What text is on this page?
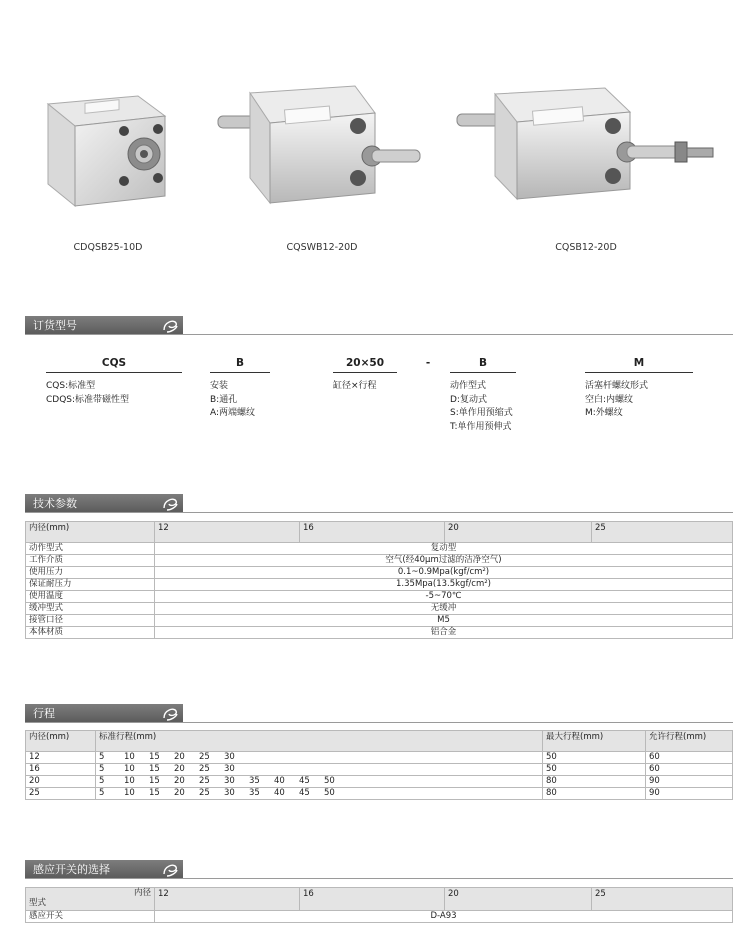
CDQSB25-10D	CQSWB12-20D	CQSB12-20D
订货型号
CQS
CQS:标准型
CDQS:标准带磁性型
B
安装
B:通孔
A:两端螺纹
20×50
缸径×行程
-	B
动作型式
D:复动式
S:单作用预缩式
T:单作用预伸式
M
活塞杆螺纹形式
空白:内螺纹
M:外螺纹
技术参数
内径(mm)	12	16	20	25
动作型式	复动型			
工作介质	空气(经40μm过滤的洁净空气)			
使用压力	0.1~0.9Mpa(kgf/cm²)			
保证耐压力	1.35Mpa(13.5kgf/cm²)			
使用温度	-5~70℃			
缓冲型式	无缓冲			
接管口径	M5			
本体材质	铝合金			
行程
内径(mm)	标准行程(mm)	最大行程(mm)	允许行程(mm)
12	5 10 15 20 25 30	50	60
16	5 10 15 20 25 30	50	60
20	5 10 15 20 25 30 35 40 45 50	80	90
25	5 10 15 20 25 30 35 40 45 50	80	90
感应开关的选择
内径
型式	12	16	20	25
感应开关	D-A93			
